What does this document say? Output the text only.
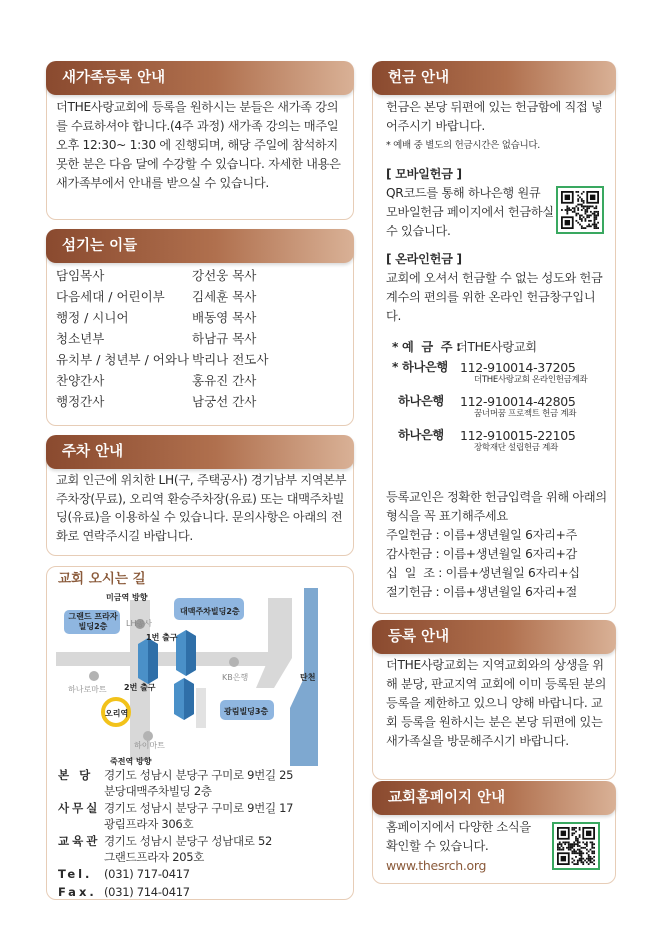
새가족등록 안내
더THE사랑교회에 등록을 원하시는 분들은 새가족 강의를 수료하셔야 합니다.(4주 과정) 새가족 강의는 매주일 오후 12:30~ 1:30 에 진행되며, 해당 주일에 참석하지 못한 분은 다음 달에 수강할 수 있습니다. 자세한 내용은 새가족부에서 안내를 받으실 수 있습니다.
섬기는 이들
담임목사	강선웅 목사
다음세대 / 어린이부 김세훈 목사
행정 / 시니어	배동영 목사
청소년부	하남규 목사
유치부 / 청년부 / 어와나 박리나 전도사
찬양간사	홍유진 간사
행정간사	남궁선 간사
주차 안내
교회 인근에 위치한 LH(구, 주택공사) 경기남부 지역본부 주차장(무료), 오리역 환승주차장(유료) 또는 대맥주차빌딩(유료)을 이용하실 수 있습니다. 문의사항은 아래의 전화로 연락주시길 바랍니다.
교회 오시는 길
미금역 방향
그랜드 프라자 빌딩2층
대맥주차빌딩2층
LH공사
1번 출구
2번 출구
하나로마트
KB은행
오리역	광림빌딩3층
하이마트
죽전역 방향
탄천
본 당 경기도 성남시 분당구 구미로 9번길 25
분당대맥주차빌딩 2층
사무실 경기도 성남시 분당구 구미로 9번길 17
광림프라자 306호
교육관 경기도 성남시 분당구 성남대로 52
그랜드프라자 205호
Tel. (031) 717-0417
Fax. (031) 714-0417
헌금 안내
헌금은 본당 뒤편에 있는 헌금함에 직접 넣어주시기 바랍니다.
* 예배 중 별도의 헌금시간은 없습니다.
[ 모바일헌금 ]
QR코드를 통해 하나은행 원큐 모바일헌금 페이지에서 헌금하실 수 있습니다.
[ 온라인헌금 ]
교회에 오셔서 헌금할 수 없는 성도와 헌금 계수의 편의를 위한 온라인 헌금창구입니다.
* 예  금  주 :
더THE사랑교회
* 하나은행 112-910014-37205
더THE사랑교회 온라인헌금계좌
하나은행	112-910014-42805
꿈너머꿈 프로젝트 헌금 계좌
하나은행	112-910015-22105
장학재단 설립헌금 계좌
등록교인은 정확한 헌금입력을 위해 아래의 형식을 꼭 표기해주세요
주일헌금 : 이름+생년월일 6자리+주
감사헌금 : 이름+생년월일 6자리+감
십  일  조 : 이름+생년월일 6자리+십
절기헌금 : 이름+생년월일 6자리+절
등록 안내
더THE사랑교회는 지역교회와의 상생을 위해 분당, 판교지역 교회에 이미 등록된 분의 등록을 제한하고 있으니 양해 바랍니다. 교회 등록을 원하시는 분은 본당 뒤편에 있는 새가족실을 방문해주시기 바랍니다.
교회홈페이지 안내
홈페이지에서 다양한 소식을 확인할 수 있습니다.
www.thesrch.org
